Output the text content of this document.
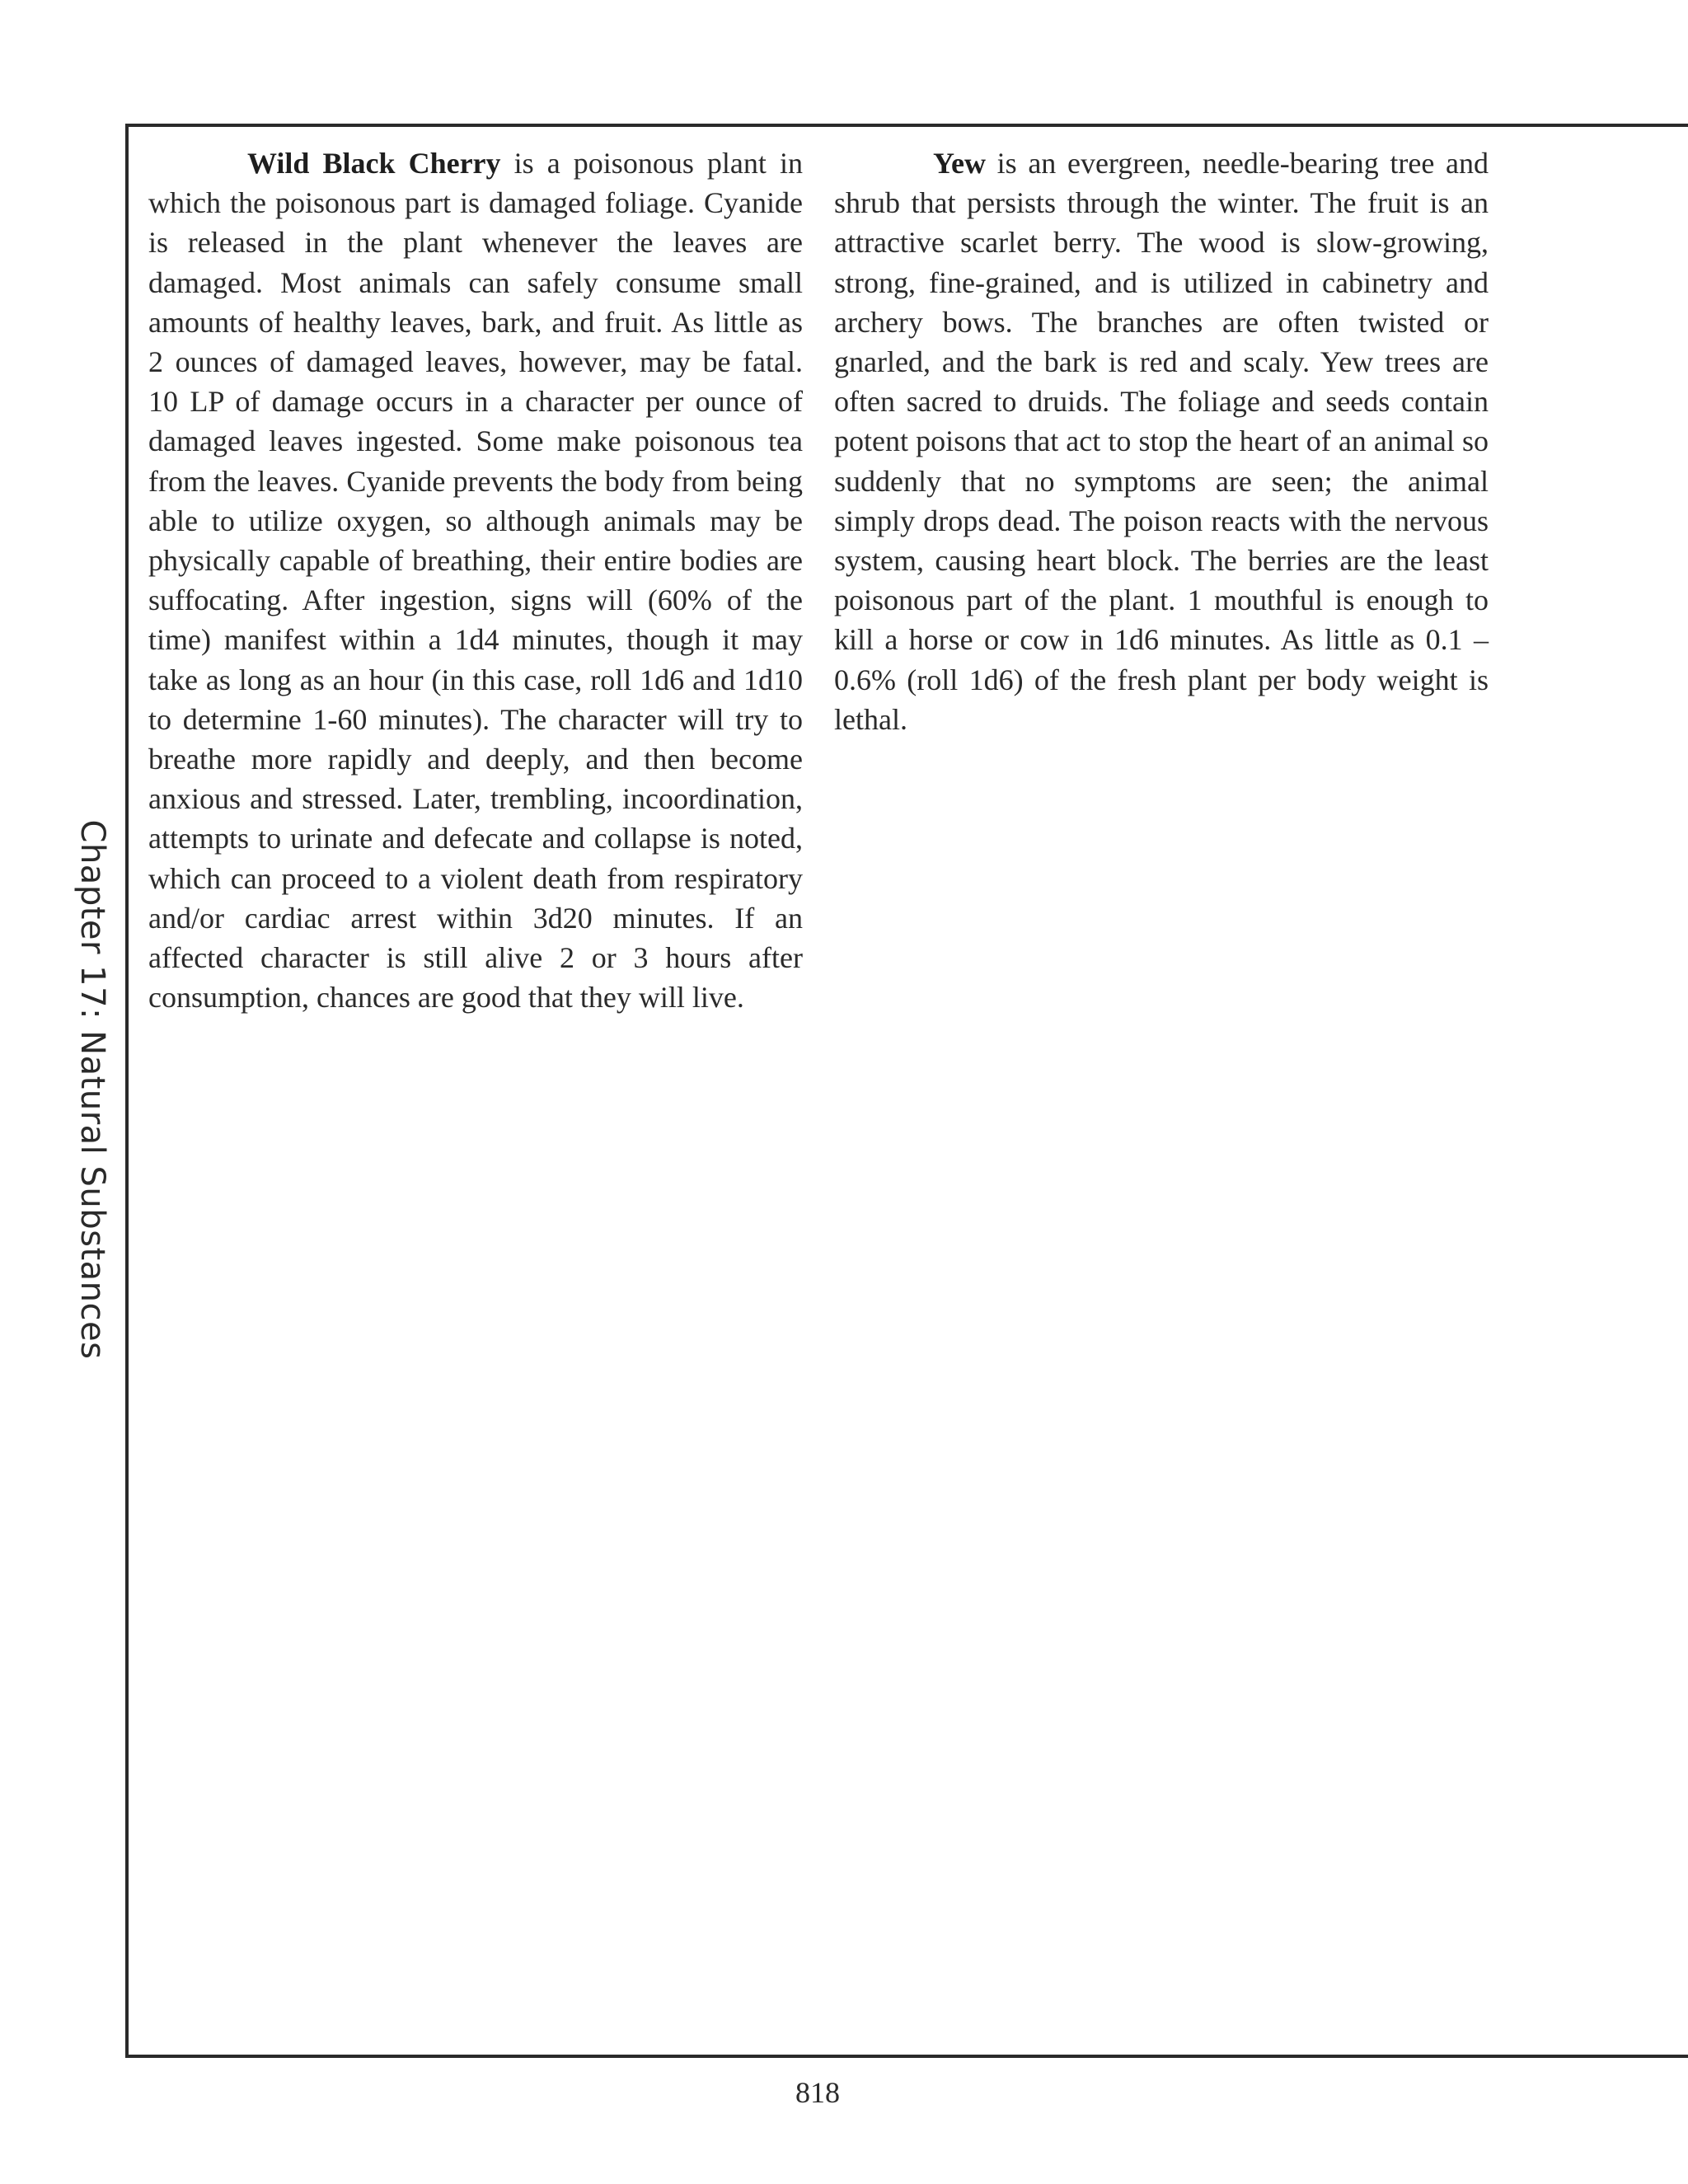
Chapter 17: Natural Substances

Wild Black Cherry is a poisonous plant in which the poisonous part is damaged foliage. Cyanide is released in the plant whenever the leaves are damaged. Most animals can safely consume small amounts of healthy leaves, bark, and fruit. As little as 2 ounces of damaged leaves, however, may be fatal. 10 LP of damage occurs in a character per ounce of damaged leaves ingested. Some make poisonous tea from the leaves. Cyanide prevents the body from being able to utilize oxygen, so although animals may be physically capable of breathing, their entire bodies are suffocating. After ingestion, signs will (60% of the time) manifest within a 1d4 minutes, though it may take as long as an hour (in this case, roll 1d6 and 1d10 to determine 1-60 minutes). The character will try to breathe more rapidly and deeply, and then become anxious and stressed. Later, trembling, incoordination, attempts to urinate and defecate and collapse is noted, which can proceed to a violent death from respiratory and/or cardiac arrest within 3d20 minutes. If an affected character is still alive 2 or 3 hours after consumption, chances are good that they will live.

Yew is an evergreen, needle-bearing tree and shrub that persists through the winter. The fruit is an attractive scarlet berry. The wood is slow-growing, strong, fine-grained, and is utilized in cabinetry and archery bows. The branches are often twisted or gnarled, and the bark is red and scaly. Yew trees are often sacred to druids. The foliage and seeds contain potent poisons that act to stop the heart of an animal so suddenly that no symptoms are seen; the animal simply drops dead. The poison reacts with the nervous system, causing heart block. The berries are the least poisonous part of the plant. 1 mouthful is enough to kill a horse or cow in 1d6 minutes. As little as 0.1 – 0.6% (roll 1d6) of the fresh plant per body weight is lethal.

818
